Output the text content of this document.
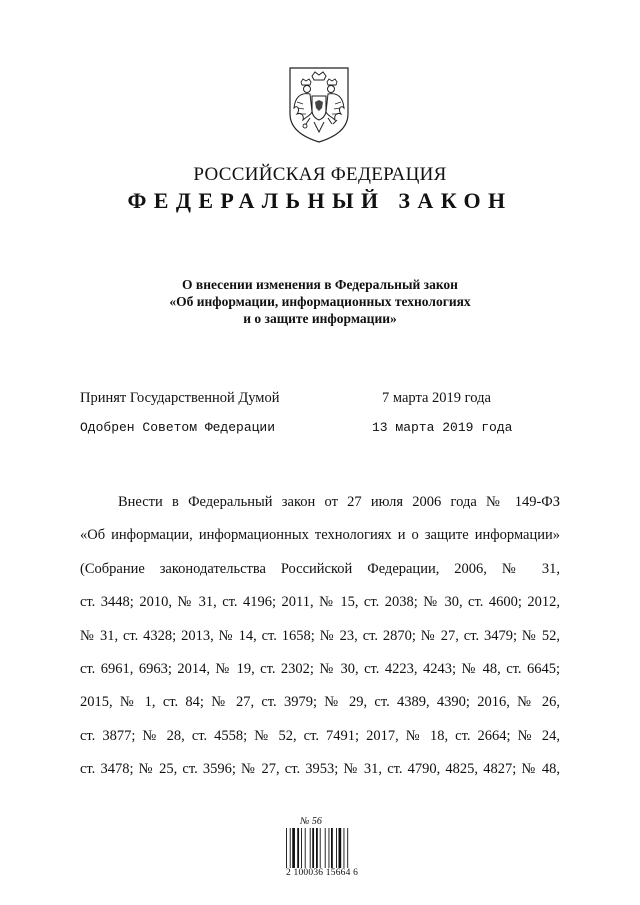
РОССИЙСКАЯ ФЕДЕРАЦИЯ
ФЕДЕРАЛЬНЫЙ ЗАКОН
О внесении изменения в Федеральный закон
«Об информации, информационных технологиях
и о защите информации»
Принят Государственной Думой	7 марта 2019 года
Одобрен Советом Федерации	13 марта 2019 года
Внести в Федеральный закон от 27 июля 2006 года № 149-ФЗ
«Об информации, информационных технологиях и о защите информации»
(Собрание законодательства Российской Федерации, 2006, № 31,
ст. 3448; 2010, № 31, ст. 4196; 2011, № 15, ст. 2038; № 30, ст. 4600; 2012,
№ 31, ст. 4328; 2013, № 14, ст. 1658; № 23, ст. 2870; № 27, ст. 3479; № 52,
ст. 6961, 6963; 2014, № 19, ст. 2302; № 30, ст. 4223, 4243; № 48, ст. 6645;
2015, № 1, ст. 84; № 27, ст. 3979; № 29, ст. 4389, 4390; 2016, № 26,
ст. 3877; № 28, ст. 4558; № 52, ст. 7491; 2017, № 18, ст. 2664; № 24,
ст. 3478; № 25, ст. 3596; № 27, ст. 3953; № 31, ст. 4790, 4825, 4827; № 48,
№ 56
2 100036 15664 6
